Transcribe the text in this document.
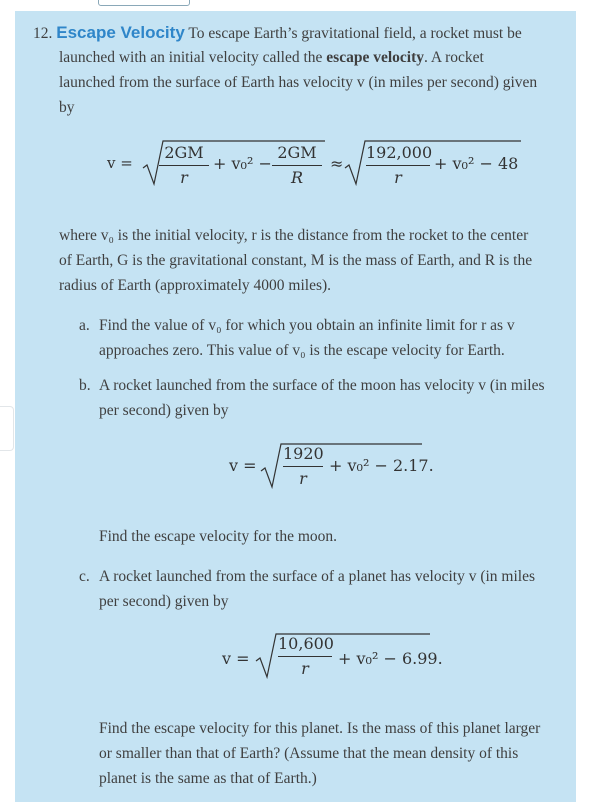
12. Escape Velocity To escape Earth’s gravitational field, a rocket must be
launched with an initial velocity called the escape velocity. A rocket
launched from the surface of Earth has velocity v (in miles per second) given
by
v =
2GM
r
+ v₀² −
2GM
R
≈
192,000
r
+ v₀² − 48
where v₀ is the initial velocity, r is the distance from the rocket to the center
of Earth, G is the gravitational constant, M is the mass of Earth, and R is the
radius of Earth (approximately 4000 miles).
a. Find the value of v₀ for which you obtain an infinite limit for r as v
approaches zero. This value of v₀ is the escape velocity for Earth.
b. A rocket launched from the surface of the moon has velocity v (in miles
per second) given by
v =
1920
r
+ v₀² − 2.17.
Find the escape velocity for the moon.
c. A rocket launched from the surface of a planet has velocity v (in miles
per second) given by
v =
10,600
r
+ v₀² − 6.99.
Find the escape velocity for this planet. Is the mass of this planet larger
or smaller than that of Earth? (Assume that the mean density of this
planet is the same as that of Earth.)
